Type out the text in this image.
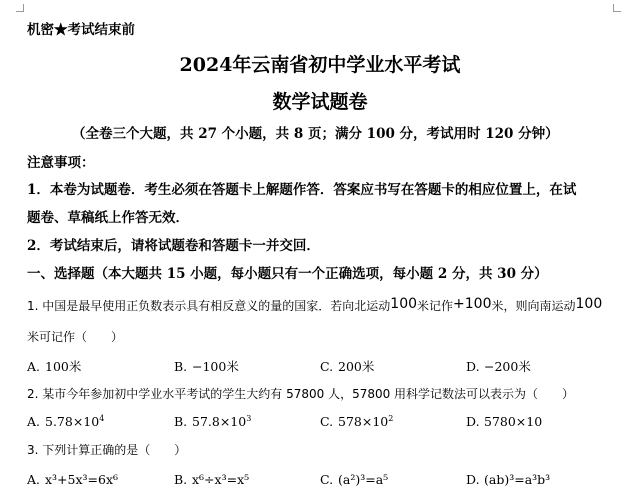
机密★考试结束前
2024年云南省初中学业水平考试
数学试题卷
（全卷三个大题，共 27 个小题，共 8 页；满分 100 分，考试用时 120 分钟）
注意事项：
1．本卷为试题卷．考生必须在答题卡上解题作答．答案应书写在答题卡的相应位置上，在试
题卷、草稿纸上作答无效．
2．考试结束后，请将试题卷和答题卡一并交回．
一、选择题（本大题共 15 小题，每小题只有一个正确选项，每小题 2 分，共 30 分）
1. 中国是最早使用正负数表示具有相反意义的量的国家．若向北运动100米记作+100米，则向南运动100
米可记作（　　）
A. 100米	B. −100米	C. 200米	D. −200米
2. 某市今年参加初中学业水平考试的学生大约有 57800 人，57800 用科学记数法可以表示为（　　）
A. $5.78\times 10^4$	B. $57.8\times 10^3$	C. $578\times 10^2$	D. 5780×10
3. 下列计算正确的是（　　）
A. x³+5x³=6x⁶	B. x⁶÷x³=x⁵	C. (a²)³=a⁵	D. (ab)³=a³b³
